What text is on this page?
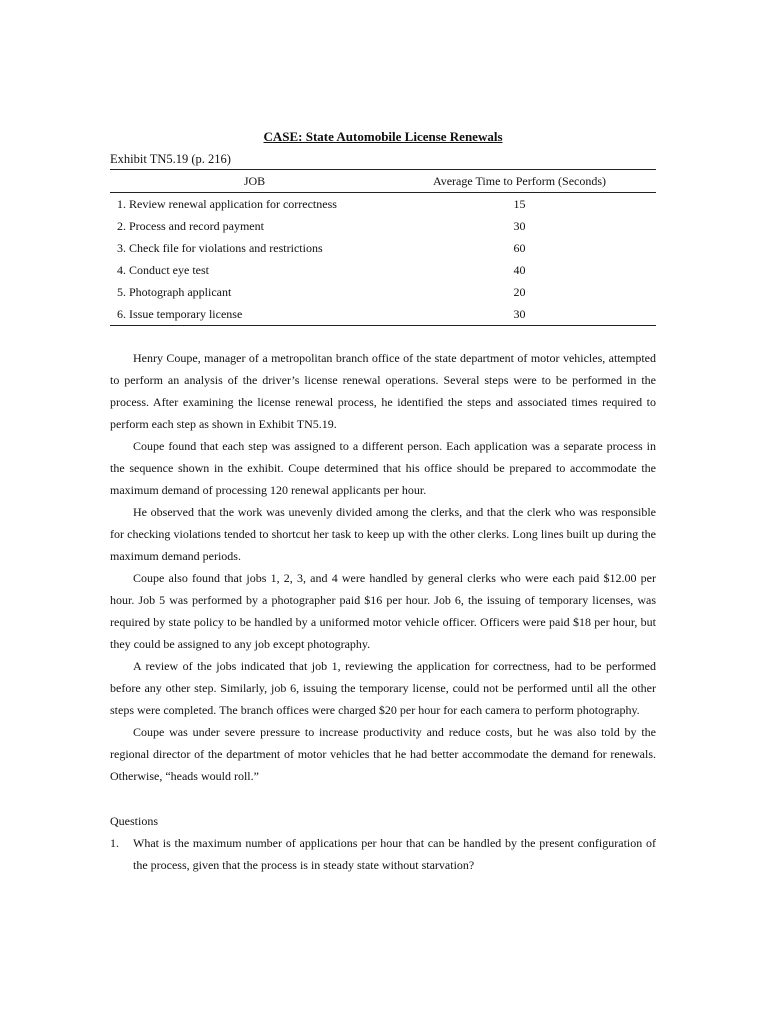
CASE: State Automobile License Renewals
Exhibit TN5.19 (p. 216)
JOB	Average Time to Perform (Seconds)
1. Review renewal application for correctness	15
2. Process and record payment	30
3. Check file for violations and restrictions	60
4. Conduct eye test	40
5. Photograph applicant	20
6. Issue temporary license	30

Henry Coupe, manager of a metropolitan branch office of the state department of motor vehicles, attempted to perform an analysis of the driver’s license renewal operations. Several steps were to be performed in the process. After examining the license renewal process, he identified the steps and associated times required to perform each step as shown in Exhibit TN5.19.

Coupe found that each step was assigned to a different person. Each application was a separate process in the sequence shown in the exhibit. Coupe determined that his office should be prepared to accommodate the maximum demand of processing 120 renewal applicants per hour.

He observed that the work was unevenly divided among the clerks, and that the clerk who was responsible for checking violations tended to shortcut her task to keep up with the other clerks. Long lines built up during the maximum demand periods.

Coupe also found that jobs 1, 2, 3, and 4 were handled by general clerks who were each paid $12.00 per hour. Job 5 was performed by a photographer paid $16 per hour. Job 6, the issuing of temporary licenses, was required by state policy to be handled by a uniformed motor vehicle officer. Officers were paid $18 per hour, but they could be assigned to any job except photography.

A review of the jobs indicated that job 1, reviewing the application for correctness, had to be performed before any other step. Similarly, job 6, issuing the temporary license, could not be performed until all the other steps were completed. The branch offices were charged $20 per hour for each camera to perform photography.

Coupe was under severe pressure to increase productivity and reduce costs, but he was also told by the regional director of the department of motor vehicles that he had better accommodate the demand for renewals. Otherwise, “heads would roll.”

Questions
1.	What is the maximum number of applications per hour that can be handled by the present configuration of the process, given that the process is in steady state without starvation?
